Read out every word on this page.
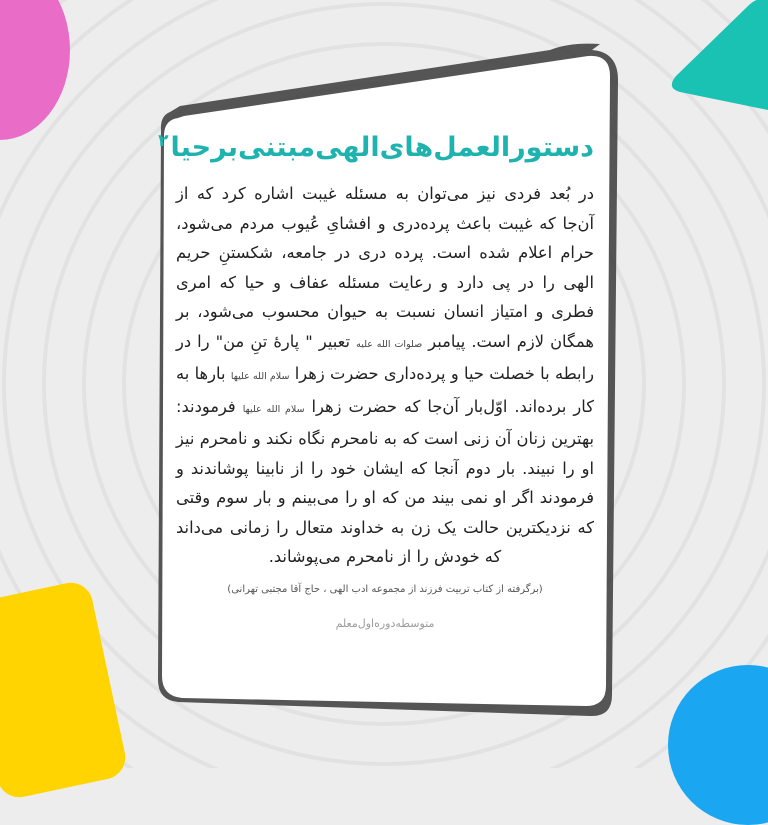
دستورالعمل‌های‌الهی‌مبتنی‌بر‌حیا$^۲$
در بُعد فردی نیز می‌توان به مسئله غیبت اشاره کرد که از آن‌جا که غیبت باعث پرده‌دری و افشایِ عُیوب مردم می‌شود، حرام اعلام شده است. پرده دری در جامعه، شکستنِ حریم الهی را در پی دارد و رعایت مسئله عفاف و حیا که امری فطری و امتیاز انسان نسبت به حیوان محسوب می‌شود، بر همگان لازم است. پیامبر صلوات الله علیه تعبیر " پارهٔ تنِ من" را در رابطه با خصلت حیا و پرده‌داری حضرت زهرا سلام الله علیها بارها به کار برده‌اند. اوّل‌بار آن‌جا که حضرت زهرا سلام الله علیها فرمودند: بهترین زنان آن زنی است که به نامحرم نگاه نکند و نامحرم نیز او را نبیند. بار دوم آنجا که ایشان خود را از نابینا پوشاندند و فرمودند اگر او نمی بیند من که او را می‌بینم و بار سوم وقتی که نزدیکترین حالت یک زن به خداوند متعال را زمانی می‌داند که خودش را از نامحرم می‌پوشاند.
(برگرفته از کتاب تربیت فرزند از مجموعه ادب الهی ، حاج آقا مجتبی تهرانی)
متوسطه‌دوره‌اول‌معلم
